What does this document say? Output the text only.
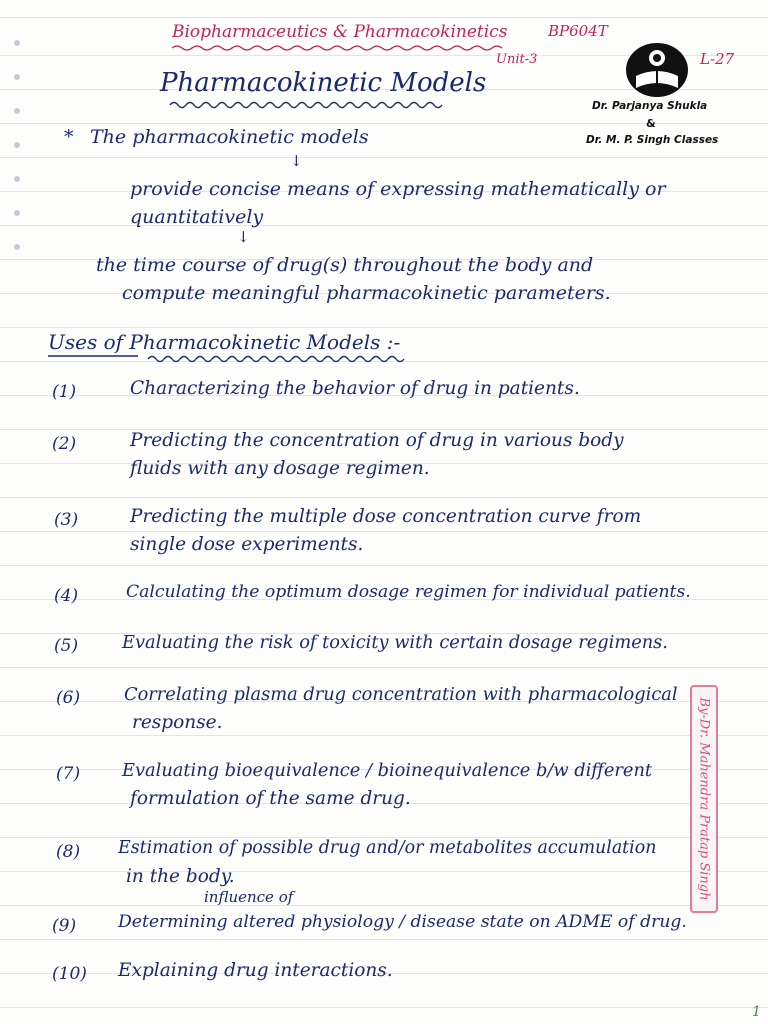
Biopharmaceutics & Pharmacokinetics	BP604T
Unit-3	L-27
Dr. Parjanya Shukla
&
Dr. M. P. Singh Classes
Pharmacokinetic Models
* The pharmacokinetic models
↓
provide concise means of expressing mathematically or
quantitatively
↓
the time course of drug(s) throughout the body and
compute meaningful pharmacokinetic parameters.
Uses of Pharmacokinetic Models :-
(1)	Characterizing the behavior of drug in patients.
(2)	Predicting the concentration of drug in various body
fluids with any dosage regimen.
(3)	Predicting the multiple dose concentration curve from
single dose experiments.
(4)	Calculating the optimum dosage regimen for individual patients.
(5) Evaluating the risk of toxicity with certain dosage regimens.
(6) Correlating plasma drug concentration with pharmacological
response.
(7) Evaluating bioequivalence / bioinequivalence b/w different
formulation of the same drug.
(8) Estimation of possible drug and/or metabolites accumulation
in the body.
influence of
(9) Determining altered physiology / disease state on ADME of drug.
(10) Explaining drug interactions.
By-Dr. Mahendra Pratap Singh
1
